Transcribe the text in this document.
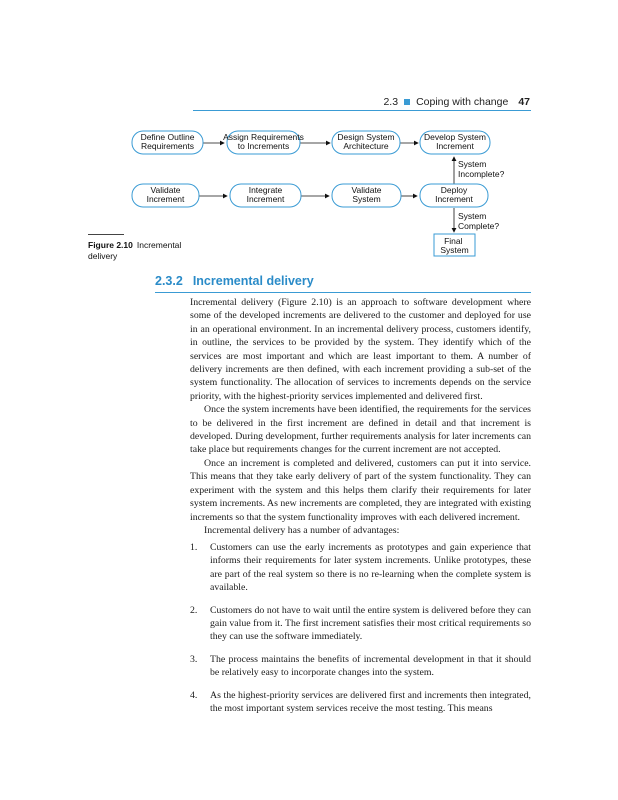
2.3 Coping with change 47
Define Outline Requirements
Assign Requirements to Increments
Design System Architecture
Develop System Increment
Validate Increment
Integrate Increment
Validate System
Deploy Increment
System Incomplete?
System Complete?
Final System
Figure 2.10 Incremental delivery
2.3.2 Incremental delivery

Incremental delivery (Figure 2.10) is an approach to software development where some of the developed increments are delivered to the customer and deployed for use in an operational environment. In an incremental delivery process, customers identify, in outline, the services to be provided by the system. They identify which of the services are most important and which are least important to them. A number of delivery increments are then defined, with each increment providing a sub-set of the system functionality. The allocation of services to increments depends on the service priority, with the highest-priority services implemented and delivered first.

Once the system increments have been identified, the requirements for the services to be delivered in the first increment are defined in detail and that increment is developed. During development, further requirements analysis for later increments can take place but requirements changes for the current increment are not accepted.

Once an increment is completed and delivered, customers can put it into service. This means that they take early delivery of part of the system functionality. They can experiment with the system and this helps them clarify their requirements for later system increments. As new increments are completed, they are integrated with existing increments so that the system functionality improves with each delivered increment.

Incremental delivery has a number of advantages:

1. Customers can use the early increments as prototypes and gain experience that informs their requirements for later system increments. Unlike prototypes, these are part of the real system so there is no re-learning when the complete system is available.
2. Customers do not have to wait until the entire system is delivered before they can gain value from it. The first increment satisfies their most critical requirements so they can use the software immediately.
3. The process maintains the benefits of incremental development in that it should be relatively easy to incorporate changes into the system.
4. As the highest-priority services are delivered first and increments then integrated, the most important system services receive the most testing. This means
